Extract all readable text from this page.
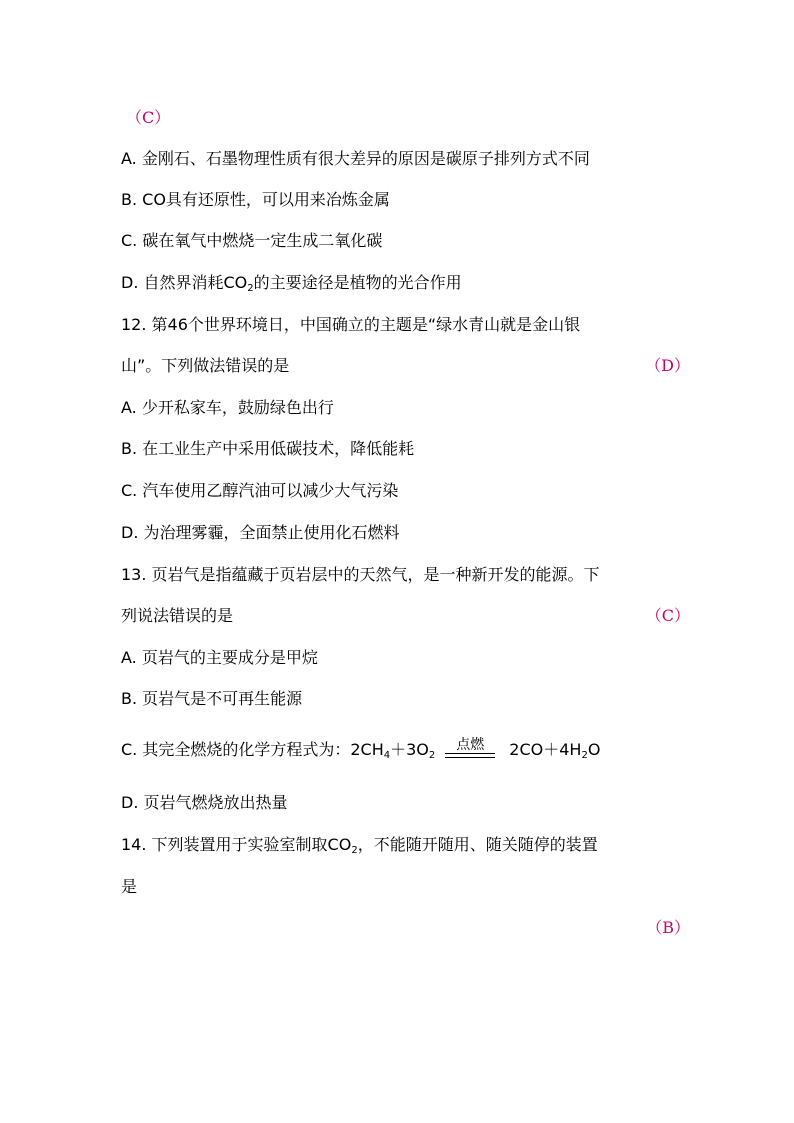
（C）
A. 金刚石、石墨物理性质有很大差异的原因是碳原子排列方式不同
B. CO具有还原性，可以用来冶炼金属
C. 碳在氧气中燃烧一定生成二氧化碳
D. 自然界消耗$CO_2$的主要途径是植物的光合作用
12. 第46个世界环境日，中国确立的主题是“绿水青山就是金山银
山”。下列做法错误的是	（D）
A. 少开私家车，鼓励绿色出行
B. 在工业生产中采用低碳技术，降低能耗
C. 汽车使用乙醇汽油可以减少大气污染
D. 为治理雾霾，全面禁止使用化石燃料
13. 页岩气是指蕴藏于页岩层中的天然气，是一种新开发的能源。下
列说法错误的是	（C）
A. 页岩气的主要成分是甲烷
B. 页岩气是不可再生能源
C. 其完全燃烧的化学方程式为：$2CH_4+3O_2$
点燃	$2CO+4H_2O$
D. 页岩气燃烧放出热量
14. 下列装置用于实验室制取$CO_2$，不能随开随用、随关随停的装置
是
（B）
